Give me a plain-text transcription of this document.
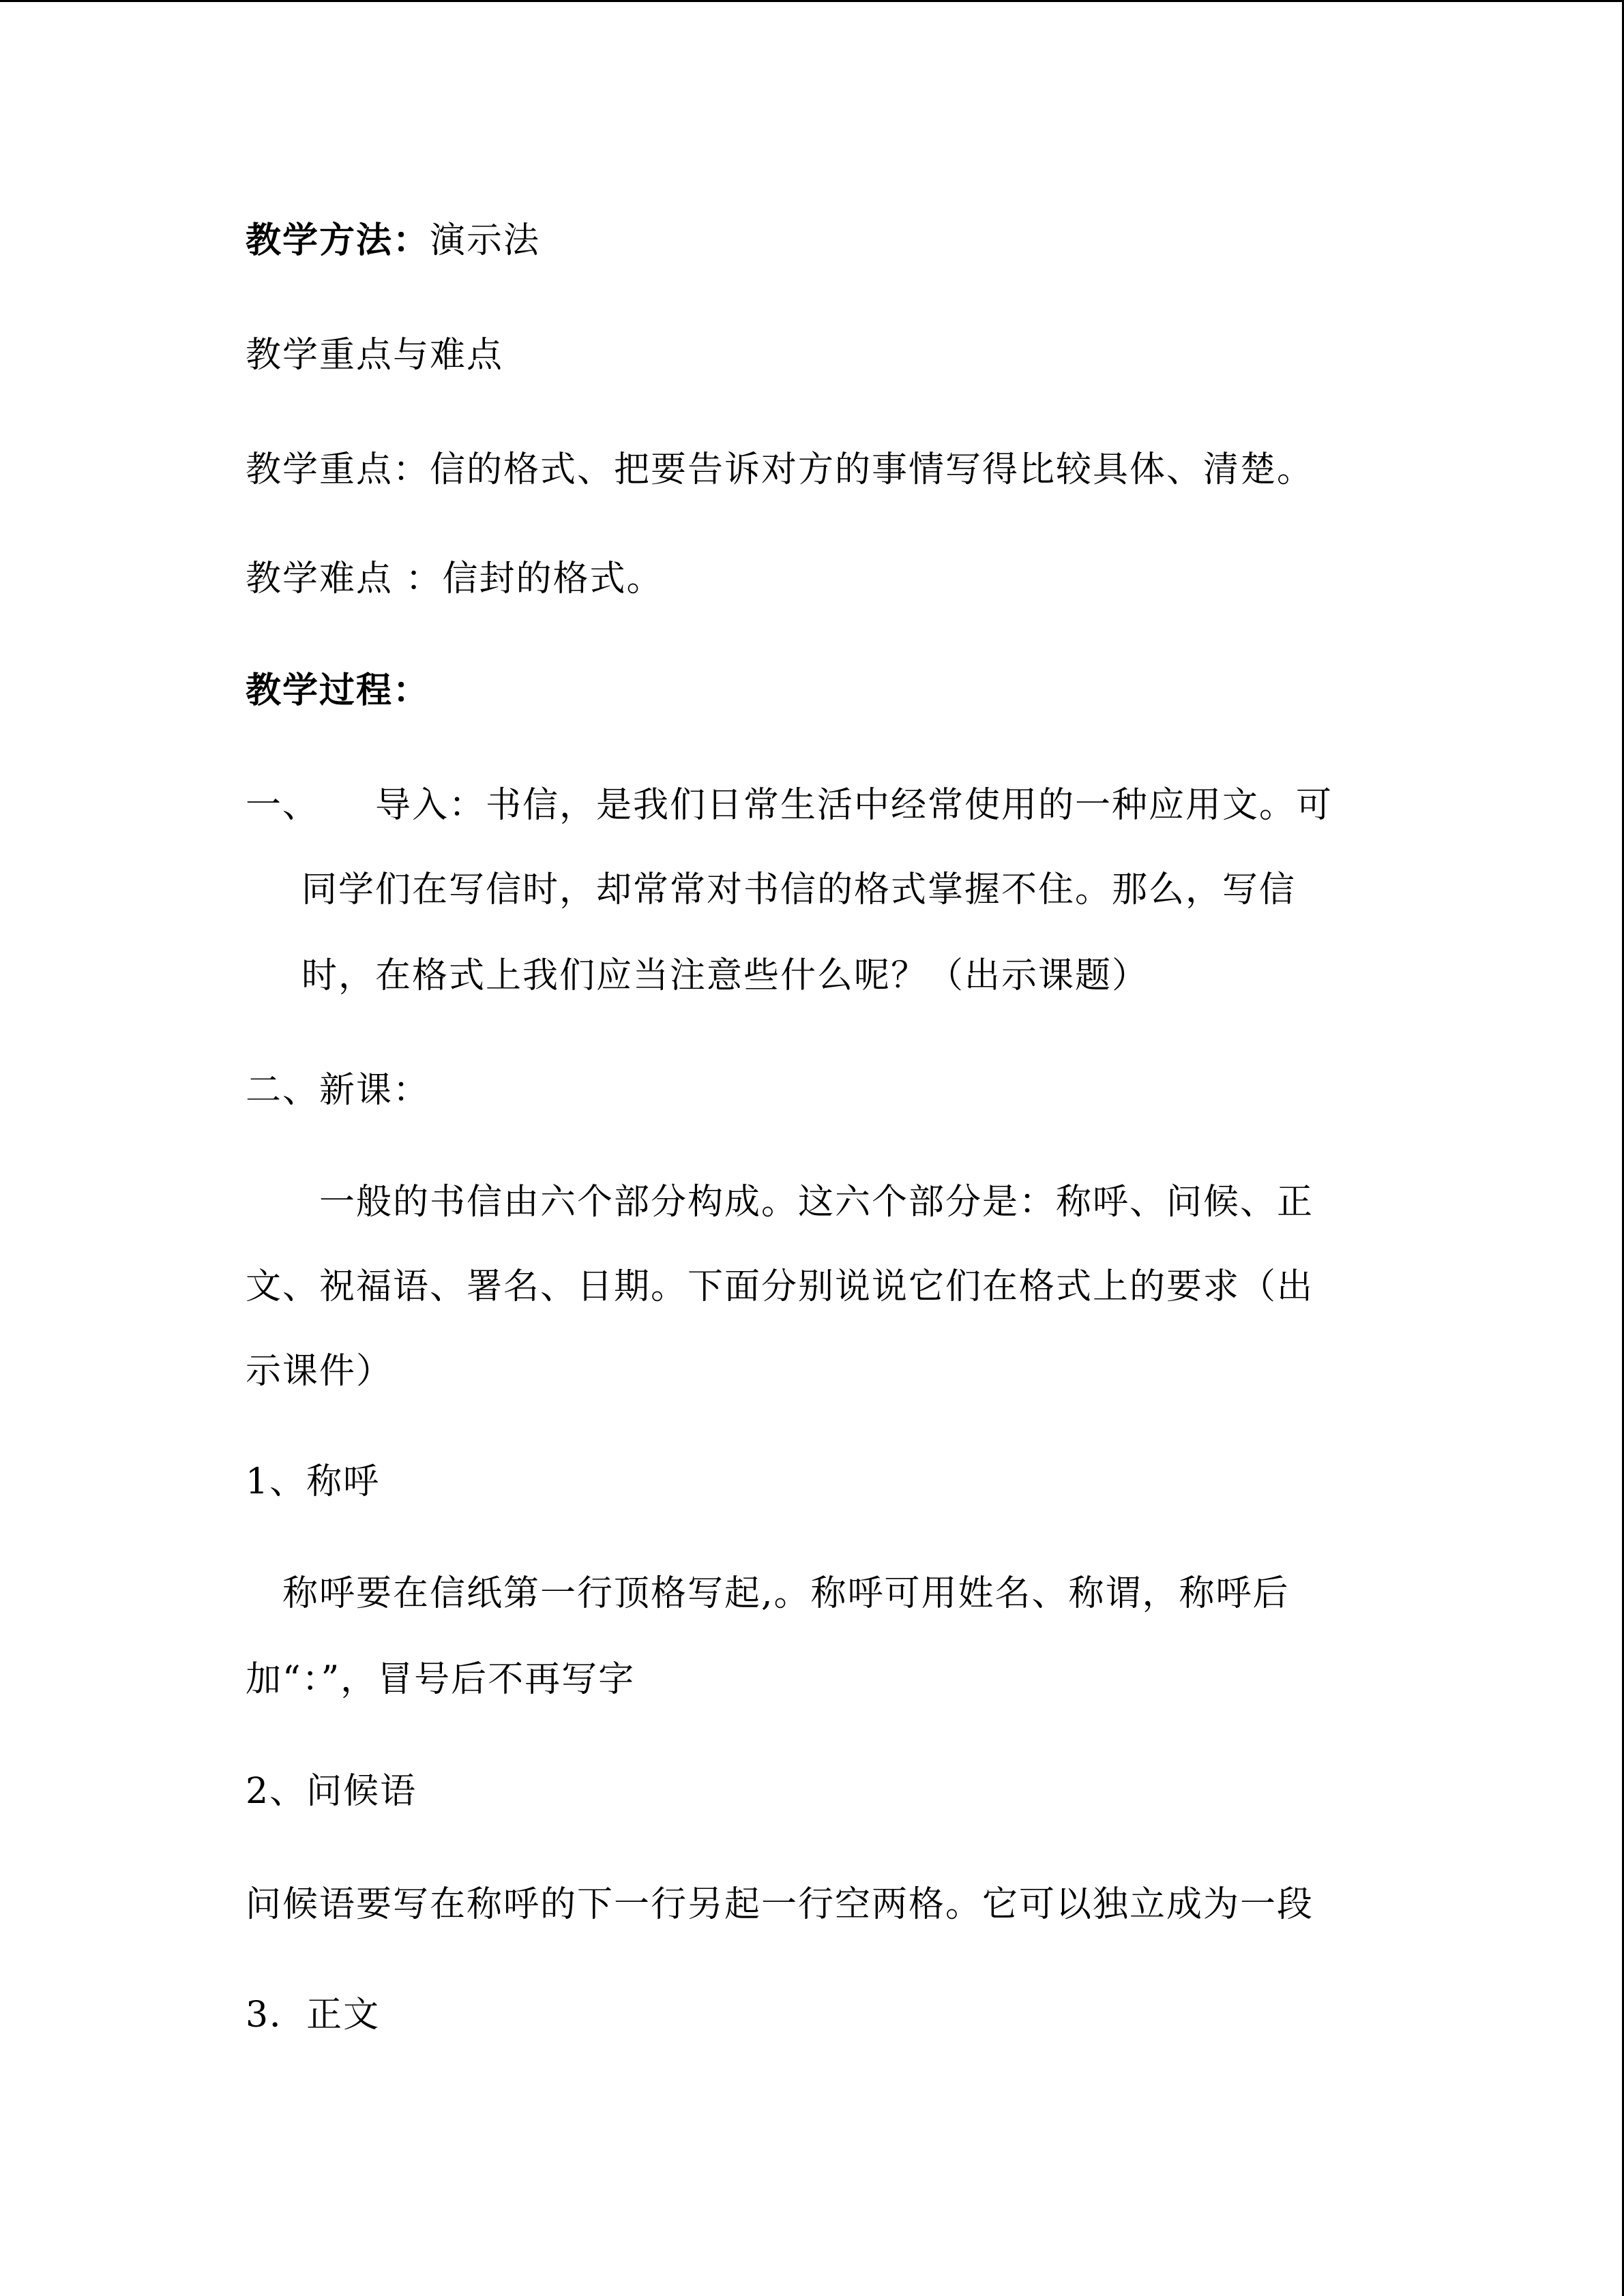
教学方法：演示法
教学重点与难点
教学重点：信的格式、把要告诉对方的事情写得比较具体、清楚。
教学难点 ：信封的格式。
教学过程：
一、　　导入：书信，是我们日常生活中经常使用的一种应用文。可
同学们在写信时，却常常对书信的格式掌握不住。那么，写信
时，在格式上我们应当注意些什么呢？（出示课题）
二、新课：
　　一般的书信由六个部分构成。这六个部分是：称呼、问候、正
文、祝福语、署名、日期。下面分别说说它们在格式上的要求（出
示课件）
1、称呼
　称呼要在信纸第一行顶格写起,。称呼可用姓名、称谓，称呼后
加“：”，冒号后不再写字
2、问候语
问候语要写在称呼的下一行另起一行空两格。它可以独立成为一段
3．正文
